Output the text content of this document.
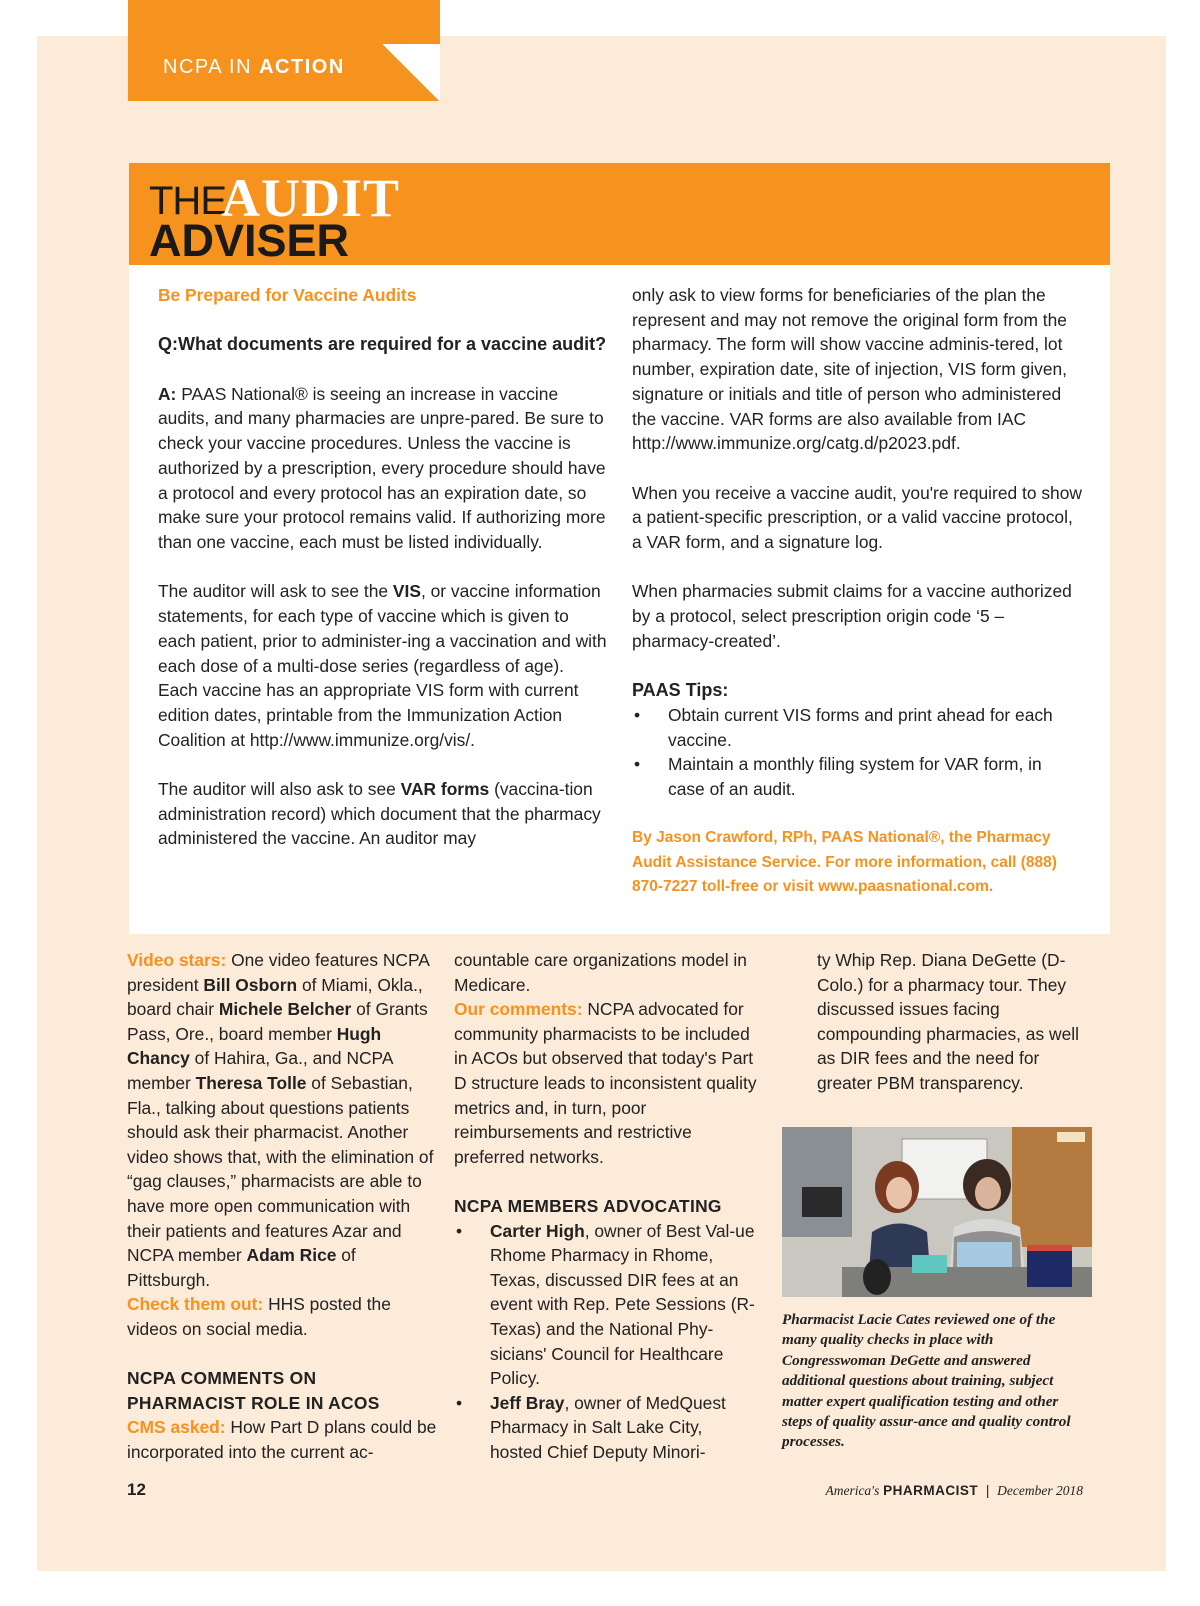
NCPA IN ACTION
THE
AUDIT
ADVISER
Be Prepared for Vaccine Audits
Q:What documents are required for a vaccine audit?
A: PAAS National® is seeing an increase in vaccine audits, and many pharmacies are unpre-pared. Be sure to check your vaccine procedures. Unless the vaccine is authorized by a prescription, every procedure should have a protocol and every protocol has an expiration date, so make sure your protocol remains valid. If authorizing more than one vaccine, each must be listed individually.
The auditor will ask to see the VIS, or vaccine information statements, for each type of vaccine which is given to each patient, prior to administer-ing a vaccination and with each dose of a multi-dose series (regardless of age). Each vaccine has an appropriate VIS form with current edition dates, printable from the Immunization Action Coalition at http://www.immunize.org/vis/.
The auditor will also ask to see VAR forms (vaccina-tion administration record) which document that the pharmacy administered the vaccine. An auditor may
only ask to view forms for beneficiaries of the plan the represent and may not remove the original form from the pharmacy. The form will show vaccine adminis-tered, lot number, expiration date, site of injection, VIS form given, signature or initials and title of person who administered the vaccine. VAR forms are also available from IAC http://www.immunize.org/catg.d/p2023.pdf.
When you receive a vaccine audit, you're required to show a patient-specific prescription, or a valid vaccine protocol, a VAR form, and a signature log.
When pharmacies submit claims for a vaccine authorized by a protocol, select prescription origin code ‘5 – pharmacy-created’.
PAAS Tips:
• Obtain current VIS forms and print ahead for each vaccine.
• Maintain a monthly filing system for VAR form, in case of an audit.
By Jason Crawford, RPh, PAAS National®, the Pharmacy Audit Assistance Service. For more information, call (888) 870-7227 toll-free or visit www.paasnational.com.
Video stars: One video features NCPA president Bill Osborn of Miami, Okla., board chair Michele Belcher of Grants Pass, Ore., board member Hugh Chancy of Hahira, Ga., and NCPA member Theresa Tolle of Sebastian, Fla., talking about questions patients should ask their pharmacist. Another video shows that, with the elimination of “gag clauses,” pharmacists are able to have more open communication with their patients and features Azar and NCPA member Adam Rice of Pittsburgh.
Check them out: HHS posted the videos on social media.
NCPA COMMENTS ON PHARMACIST ROLE IN ACOS
CMS asked: How Part D plans could be incorporated into the current ac-
countable care organizations model in Medicare.
Our comments: NCPA advocated for community pharmacists to be included in ACOs but observed that today's Part D structure leads to inconsistent quality metrics and, in turn, poor reimbursements and restrictive preferred networks.
NCPA MEMBERS ADVOCATING
• Carter High, owner of Best Val-ue Rhome Pharmacy in Rhome, Texas, discussed DIR fees at an event with Rep. Pete Sessions (R-Texas) and the National Phy-sicians' Council for Healthcare Policy.
• Jeff Bray, owner of MedQuest Pharmacy in Salt Lake City, hosted Chief Deputy Minori-
ty Whip Rep. Diana DeGette (D-Colo.) for a pharmacy tour. They discussed issues facing compounding pharmacies, as well as DIR fees and the need for greater PBM transparency.
Pharmacist Lacie Cates reviewed one of the many quality checks in place with Congresswoman DeGette and answered additional questions about training, subject matter expert qualification testing and other steps of quality assur-ance and quality control processes.
12	America's PHARMACIST | December 2018
